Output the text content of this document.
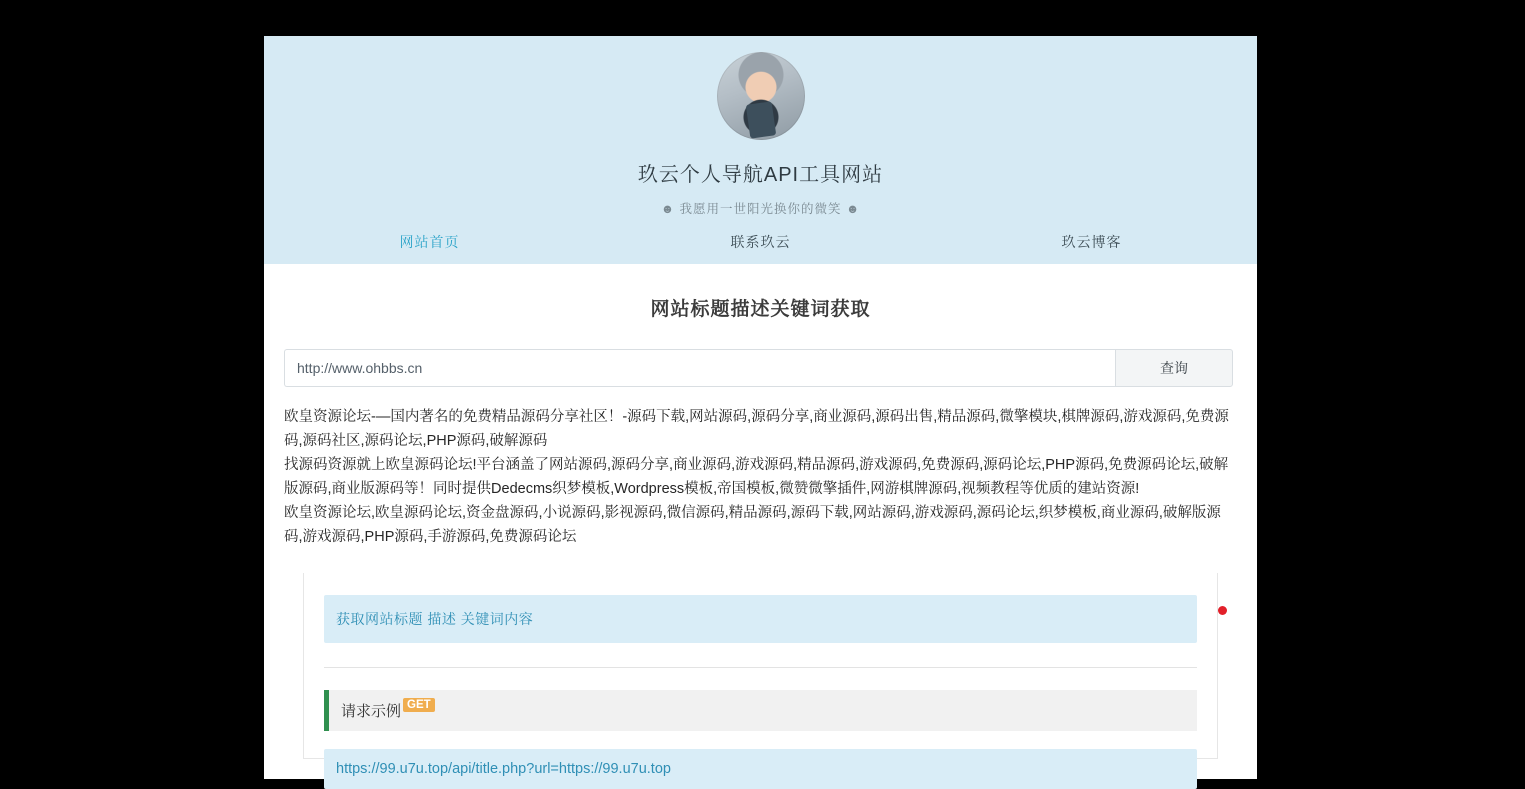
玖云个人导航API工具网站
☻ 我愿用一世阳光换你的微笑 ☻
网站首页	联系玖云	玖云博客
网站标题描述关键词获取
http://www.ohbbs.cn
查询

欧皇资源论坛-—国内著名的免费精品源码分享社区！-源码下载,网站源码,源码分享,商业源码,源码出售,精品源码,微擎模块,棋牌源码,游戏源码,免费源码,源码社区,源码论坛,PHP源码,破解源码

找源码资源就上欧皇源码论坛!平台涵盖了网站源码,源码分享,商业源码,游戏源码,精品源码,游戏源码,免费源码,源码论坛,PHP源码,免费源码论坛,破解版源码,商业版源码等！同时提供Dedecms织梦模板,Wordpress模板,帝国模板,微赞微擎插件,网游棋牌源码,视频教程等优质的建站资源!

欧皇资源论坛,欧皇源码论坛,资金盘源码,小说源码,影视源码,微信源码,精品源码,源码下载,网站源码,游戏源码,源码论坛,织梦模板,商业源码,破解版源码,游戏源码,PHP源码,手游源码,免费源码论坛

获取网站标题 描述 关键词内容
请求示例 GET
https://99.u7u.top/api/title.php?url=https://99.u7u.top
